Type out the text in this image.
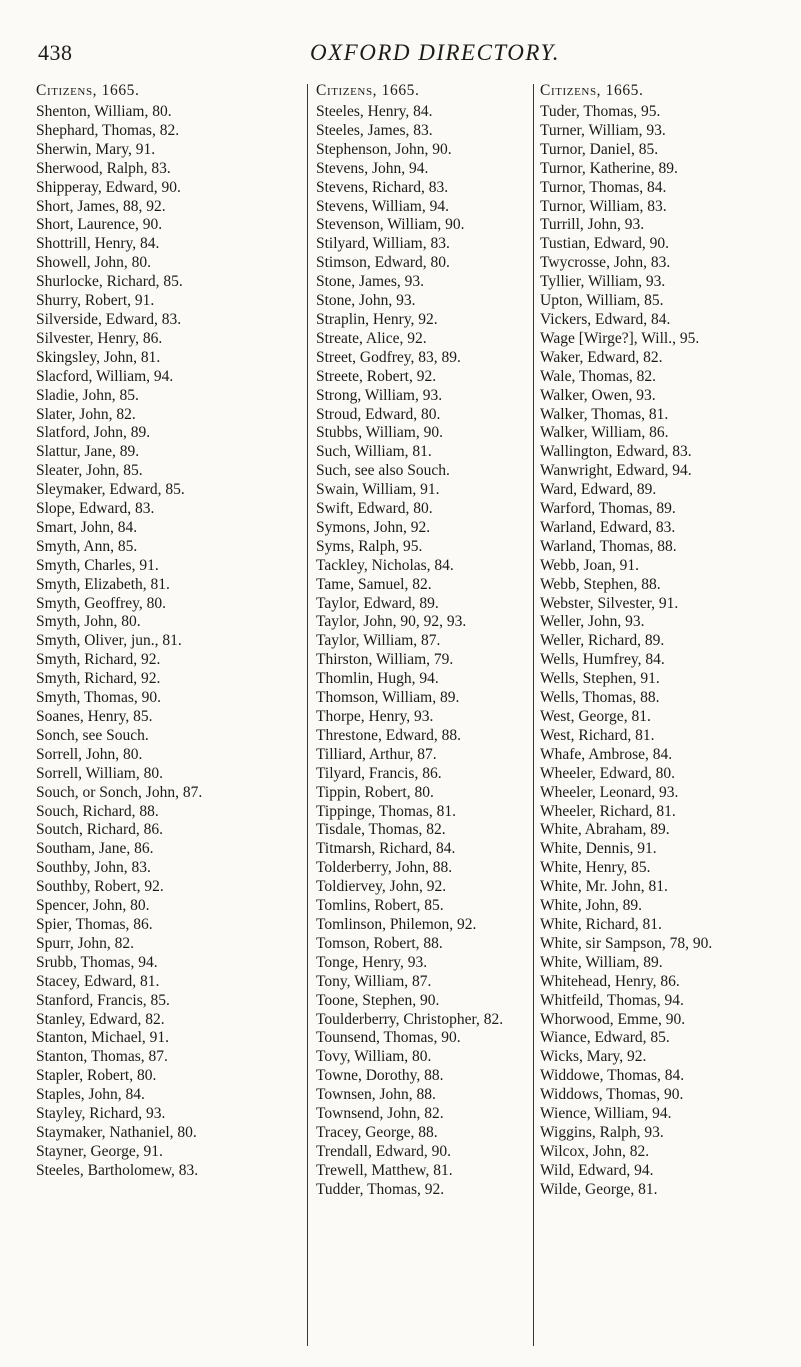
438	OXFORD DIRECTORY.
Citizens, 1665.
Shenton, William, 80.
Shephard, Thomas, 82.
Sherwin, Mary, 91.
Sherwood, Ralph, 83.
Shipperay, Edward, 90.
Short, James, 88, 92.
Short, Laurence, 90.
Shottrill, Henry, 84.
Showell, John, 80.
Shurlocke, Richard, 85.
Shurry, Robert, 91.
Silverside, Edward, 83.
Silvester, Henry, 86.
Skingsley, John, 81.
Slacford, William, 94.
Sladie, John, 85.
Slater, John, 82.
Slatford, John, 89.
Slattur, Jane, 89.
Sleater, John, 85.
Sleymaker, Edward, 85.
Slope, Edward, 83.
Smart, John, 84.
Smyth, Ann, 85.
Smyth, Charles, 91.
Smyth, Elizabeth, 81.
Smyth, Geoffrey, 80.
Smyth, John, 80.
Smyth, Oliver, jun., 81.
Smyth, Richard, 92.
Smyth, Richard, 92.
Smyth, Thomas, 90.
Soanes, Henry, 85.
Sonch, see Souch.
Sorrell, John, 80.
Sorrell, William, 80.
Souch, or Sonch, John, 87.
Souch, Richard, 88.
Soutch, Richard, 86.
Southam, Jane, 86.
Southby, John, 83.
Southby, Robert, 92.
Spencer, John, 80.
Spier, Thomas, 86.
Spurr, John, 82.
Srubb, Thomas, 94.
Stacey, Edward, 81.
Stanford, Francis, 85.
Stanley, Edward, 82.
Stanton, Michael, 91.
Stanton, Thomas, 87.
Stapler, Robert, 80.
Staples, John, 84.
Stayley, Richard, 93.
Staymaker, Nathaniel, 80.
Stayner, George, 91.
Steeles, Bartholomew, 83.
Citizens, 1665.
Steeles, Henry, 84.
Steeles, James, 83.
Stephenson, John, 90.
Stevens, John, 94.
Stevens, Richard, 83.
Stevens, William, 94.
Stevenson, William, 90.
Stilyard, William, 83.
Stimson, Edward, 80.
Stone, James, 93.
Stone, John, 93.
Straplin, Henry, 92.
Streate, Alice, 92.
Street, Godfrey, 83, 89.
Streete, Robert, 92.
Strong, William, 93.
Stroud, Edward, 80.
Stubbs, William, 90.
Such, William, 81.
Such, see also Souch.
Swain, William, 91.
Swift, Edward, 80.
Symons, John, 92.
Syms, Ralph, 95.
Tackley, Nicholas, 84.
Tame, Samuel, 82.
Taylor, Edward, 89.
Taylor, John, 90, 92, 93.
Taylor, William, 87.
Thirston, William, 79.
Thomlin, Hugh, 94.
Thomson, William, 89.
Thorpe, Henry, 93.
Threstone, Edward, 88.
Tilliard, Arthur, 87.
Tilyard, Francis, 86.
Tippin, Robert, 80.
Tippinge, Thomas, 81.
Tisdale, Thomas, 82.
Titmarsh, Richard, 84.
Tolderberry, John, 88.
Toldiervey, John, 92.
Tomlins, Robert, 85.
Tomlinson, Philemon, 92.
Tomson, Robert, 88.
Tonge, Henry, 93.
Tony, William, 87.
Toone, Stephen, 90.
Toulderberry, Christopher, 82.
Tounsend, Thomas, 90.
Tovy, William, 80.
Towne, Dorothy, 88.
Townsen, John, 88.
Townsend, John, 82.
Tracey, George, 88.
Trendall, Edward, 90.
Trewell, Matthew, 81.
Tudder, Thomas, 92.
Citizens, 1665.
Tuder, Thomas, 95.
Turner, William, 93.
Turnor, Daniel, 85.
Turnor, Katherine, 89.
Turnor, Thomas, 84.
Turnor, William, 83.
Turrill, John, 93.
Tustian, Edward, 90.
Twycrosse, John, 83.
Tyllier, William, 93.
Upton, William, 85.
Vickers, Edward, 84.
Wage [Wirge?], Will., 95.
Waker, Edward, 82.
Wale, Thomas, 82.
Walker, Owen, 93.
Walker, Thomas, 81.
Walker, William, 86.
Wallington, Edward, 83.
Wanwright, Edward, 94.
Ward, Edward, 89.
Warford, Thomas, 89.
Warland, Edward, 83.
Warland, Thomas, 88.
Webb, Joan, 91.
Webb, Stephen, 88.
Webster, Silvester, 91.
Weller, John, 93.
Weller, Richard, 89.
Wells, Humfrey, 84.
Wells, Stephen, 91.
Wells, Thomas, 88.
West, George, 81.
West, Richard, 81.
Whafe, Ambrose, 84.
Wheeler, Edward, 80.
Wheeler, Leonard, 93.
Wheeler, Richard, 81.
White, Abraham, 89.
White, Dennis, 91.
White, Henry, 85.
White, Mr. John, 81.
White, John, 89.
White, Richard, 81.
White, sir Sampson, 78, 90.
White, William, 89.
Whitehead, Henry, 86.
Whitfeild, Thomas, 94.
Whorwood, Emme, 90.
Wiance, Edward, 85.
Wicks, Mary, 92.
Widdowe, Thomas, 84.
Widdows, Thomas, 90.
Wience, William, 94.
Wiggins, Ralph, 93.
Wilcox, John, 82.
Wild, Edward, 94.
Wilde, George, 81.
